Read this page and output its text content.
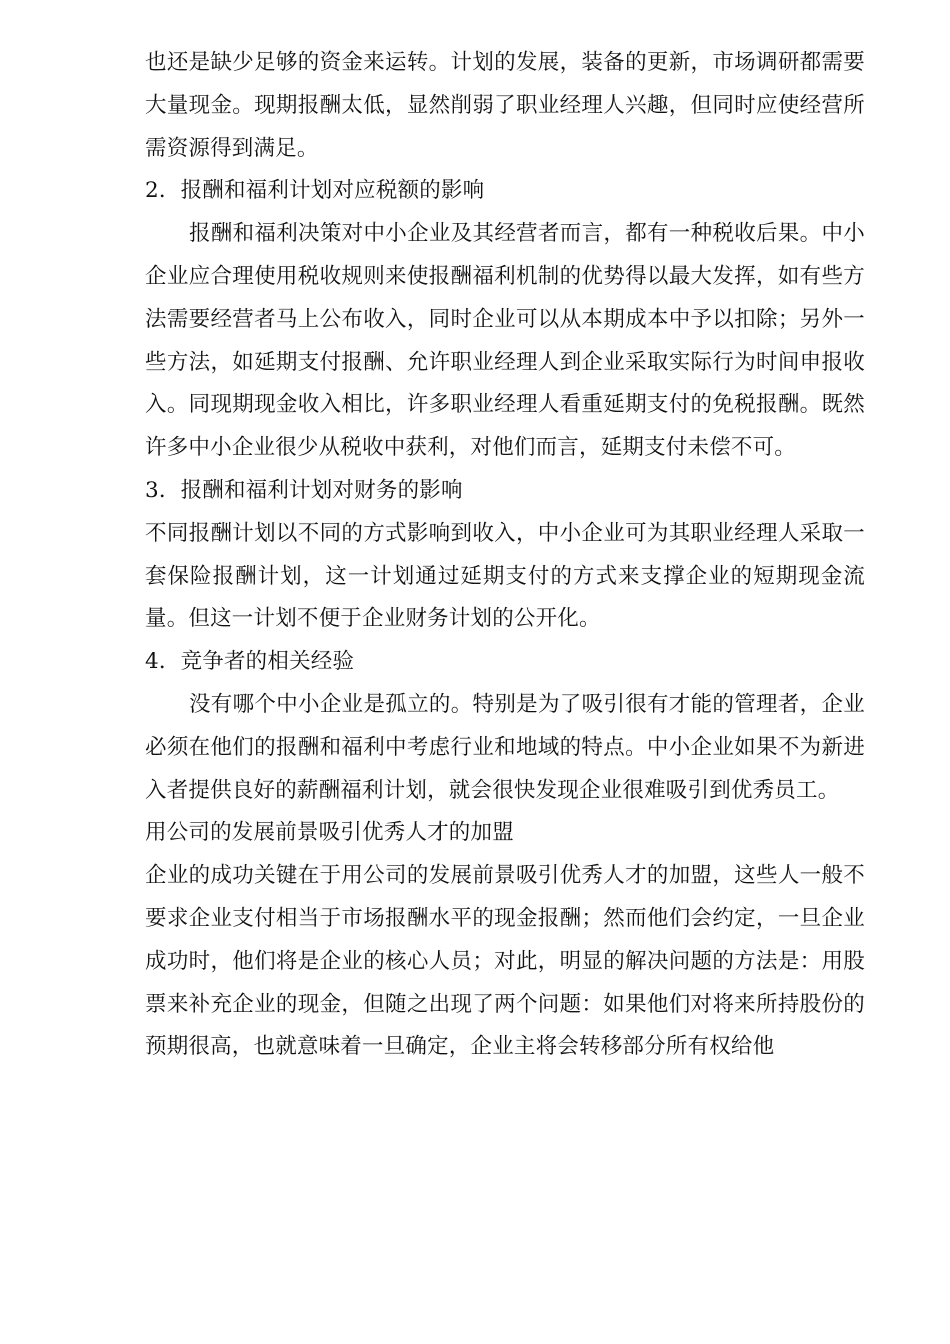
也还是缺少足够的资金来运转。计划的发展，装备的更新，市场调研都需要大量现金。现期报酬太低，显然削弱了职业经理人兴趣，但同时应使经营所需资源得到满足。

2．报酬和福利计划对应税额的影响

报酬和福利决策对中小企业及其经营者而言，都有一种税收后果。中小企业应合理使用税收规则来使报酬福利机制的优势得以最大发挥，如有些方法需要经营者马上公布收入，同时企业可以从本期成本中予以扣除；另外一些方法，如延期支付报酬、允许职业经理人到企业采取实际行为时间申报收入。同现期现金收入相比，许多职业经理人看重延期支付的免税报酬。既然许多中小企业很少从税收中获利，对他们而言，延期支付未偿不可。

3．报酬和福利计划对财务的影响

不同报酬计划以不同的方式影响到收入，中小企业可为其职业经理人采取一套保险报酬计划，这一计划通过延期支付的方式来支撑企业的短期现金流量。但这一计划不便于企业财务计划的公开化。

4．竞争者的相关经验

没有哪个中小企业是孤立的。特别是为了吸引很有才能的管理者，企业必须在他们的报酬和福利中考虑行业和地域的特点。中小企业如果不为新进入者提供良好的薪酬福利计划，就会很快发现企业很难吸引到优秀员工。

用公司的发展前景吸引优秀人才的加盟

企业的成功关键在于用公司的发展前景吸引优秀人才的加盟，这些人一般不要求企业支付相当于市场报酬水平的现金报酬；然而他们会约定，一旦企业成功时，他们将是企业的核心人员；对此，明显的解决问题的方法是：用股票来补充企业的现金，但随之出现了两个问题：如果他们对将来所持股份的预期很高，也就意味着一旦确定，企业主将会转移部分所有权给他
